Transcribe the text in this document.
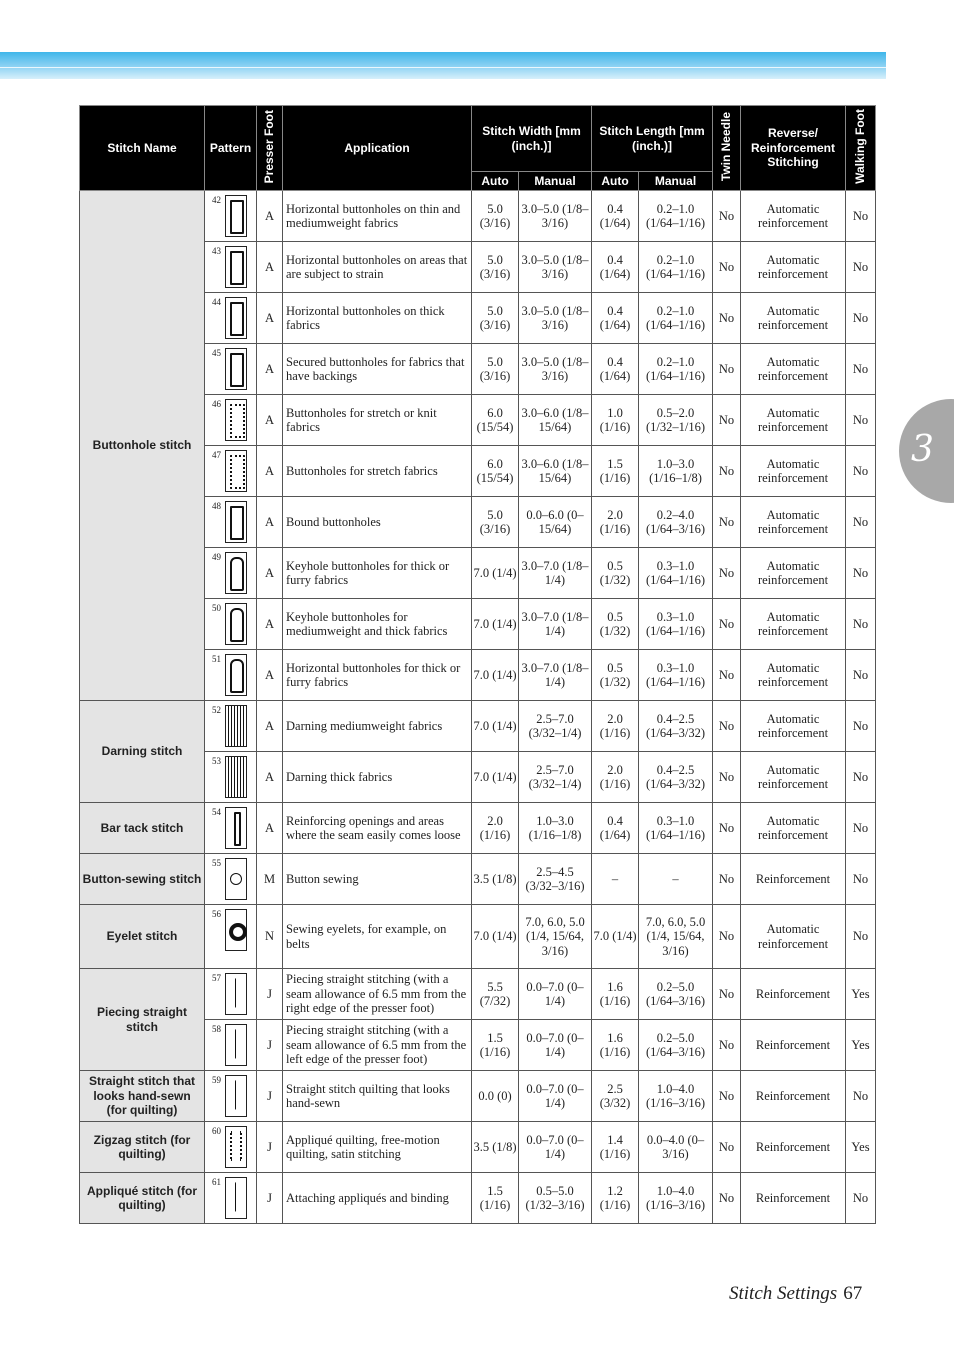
3
Stitch Name	Pattern	Presser Foot	Application	Stitch Width [mm (inch.)]		Stitch Length [mm (inch.)]		Twin Needle	Reverse/ Reinforcement Stitching	Walking Foot
				Auto	Manual	Auto	Manual			
Buttonhole stitch	42	A	Horizontal buttonholes on thin and mediumweight fabrics	5.0 (3/16)	3.0–5.0 (1/8–3/16)	0.4 (1/64)	0.2–1.0 (1/64–1/16)	No	Automatic reinforcement	No

	43	A	Horizontal buttonholes on areas that are subject to strain	5.0 (3/16)	3.0–5.0 (1/8–3/16)	0.4 (1/64)	0.2–1.0 (1/64–1/16)	No	Automatic reinforcement	No

	44	A	Horizontal buttonholes on thick fabrics	5.0 (3/16)	3.0–5.0 (1/8–3/16)	0.4 (1/64)	0.2–1.0 (1/64–1/16)	No	Automatic reinforcement	No

	45	A	Secured buttonholes for fabrics that have backings	5.0 (3/16)	3.0–5.0 (1/8–3/16)	0.4 (1/64)	0.2–1.0 (1/64–1/16)	No	Automatic reinforcement	No

	46	A	Buttonholes for stretch or knit fabrics	6.0 (15/54)	3.0–6.0 (1/8–15/64)	1.0 (1/16)	0.5–2.0 (1/32–1/16)	No	Automatic reinforcement	No

	47	A	Buttonholes for stretch fabrics	6.0 (15/54)	3.0–6.0 (1/8–15/64)	1.5 (1/16)	1.0–3.0 (1/16–1/8)	No	Automatic reinforcement	No

	48	A	Bound buttonholes	5.0 (3/16)	0.0–6.0 (0–15/64)	2.0 (1/16)	0.2–4.0 (1/64–3/16)	No	Automatic reinforcement	No

	49	A	Keyhole buttonholes for thick or furry fabrics	7.0 (1/4)	3.0–7.0 (1/8–1/4)	0.5 (1/32)	0.3–1.0 (1/64–1/16)	No	Automatic reinforcement	No

	50	A	Keyhole buttonholes for mediumweight and thick fabrics	7.0 (1/4)	3.0–7.0 (1/8–1/4)	0.5 (1/32)	0.3–1.0 (1/64–1/16)	No	Automatic reinforcement	No

	51	A	Horizontal buttonholes for thick or furry fabrics	7.0 (1/4)	3.0–7.0 (1/8–1/4)	0.5 (1/32)	0.3–1.0 (1/64–1/16)	No	Automatic reinforcement	No
Darning stitch	52	A	Darning mediumweight fabrics	7.0 (1/4)	2.5–7.0 (3/32–1/4)	2.0 (1/16)	0.4–2.5 (1/64–3/32)	No	Automatic reinforcement	No

	53	A	Darning thick fabrics	7.0 (1/4)	2.5–7.0 (3/32–1/4)	2.0 (1/16)	0.4–2.5 (1/64–3/32)	No	Automatic reinforcement	No
Bar tack stitch	54	A	Reinforcing openings and areas where the seam easily comes loose	2.0 (1/16)	1.0–3.0 (1/16–1/8)	0.4 (1/64)	0.3–1.0 (1/64–1/16)	No	Automatic reinforcement	No
Button-sewing stitch	55	M	Button sewing	3.5 (1/8)	2.5–4.5 (3/32–3/16)	–	–	No	Reinforcement	No
Eyelet stitch	56	N	Sewing eyelets, for example, on belts	7.0 (1/4)	7.0, 6.0, 5.0 (1/4, 15/64, 3/16)	7.0 (1/4)	7.0, 6.0, 5.0 (1/4, 15/64, 3/16)	No	Automatic reinforcement	No
Piecing straight stitch	57	J	Piecing straight stitching (with a seam allowance of 6.5 mm from the right edge of the presser foot)	5.5 (7/32)	0.0–7.0 (0–1/4)	1.6 (1/16)	0.2–5.0 (1/64–3/16)	No	Reinforcement	Yes

	58	J	Piecing straight stitching (with a seam allowance of 6.5 mm from the left edge of the presser foot)	1.5 (1/16)	0.0–7.0 (0–1/4)	1.6 (1/16)	0.2–5.0 (1/64–3/16)	No	Reinforcement	Yes
Straight stitch that looks hand-sewn (for quilting)	59	J	Straight stitch quilting that looks hand-sewn	0.0 (0)	0.0–7.0 (0–1/4)	2.5 (3/32)	1.0–4.0 (1/16–3/16)	No	Reinforcement	No
Zigzag stitch (for quilting)	60	J	Appliqué quilting, free-motion quilting, satin stitching	3.5 (1/8)	0.0–7.0 (0–1/4)	1.4 (1/16)	0.0–4.0 (0–3/16)	No	Reinforcement	Yes
Appliqué stitch (for quilting)	61	J	Attaching appliqués and binding	1.5 (1/16)	0.5–5.0 (1/32–3/16)	1.2 (1/16)	1.0–4.0 (1/16–3/16)	No	Reinforcement	No
Stitch Settings 67
